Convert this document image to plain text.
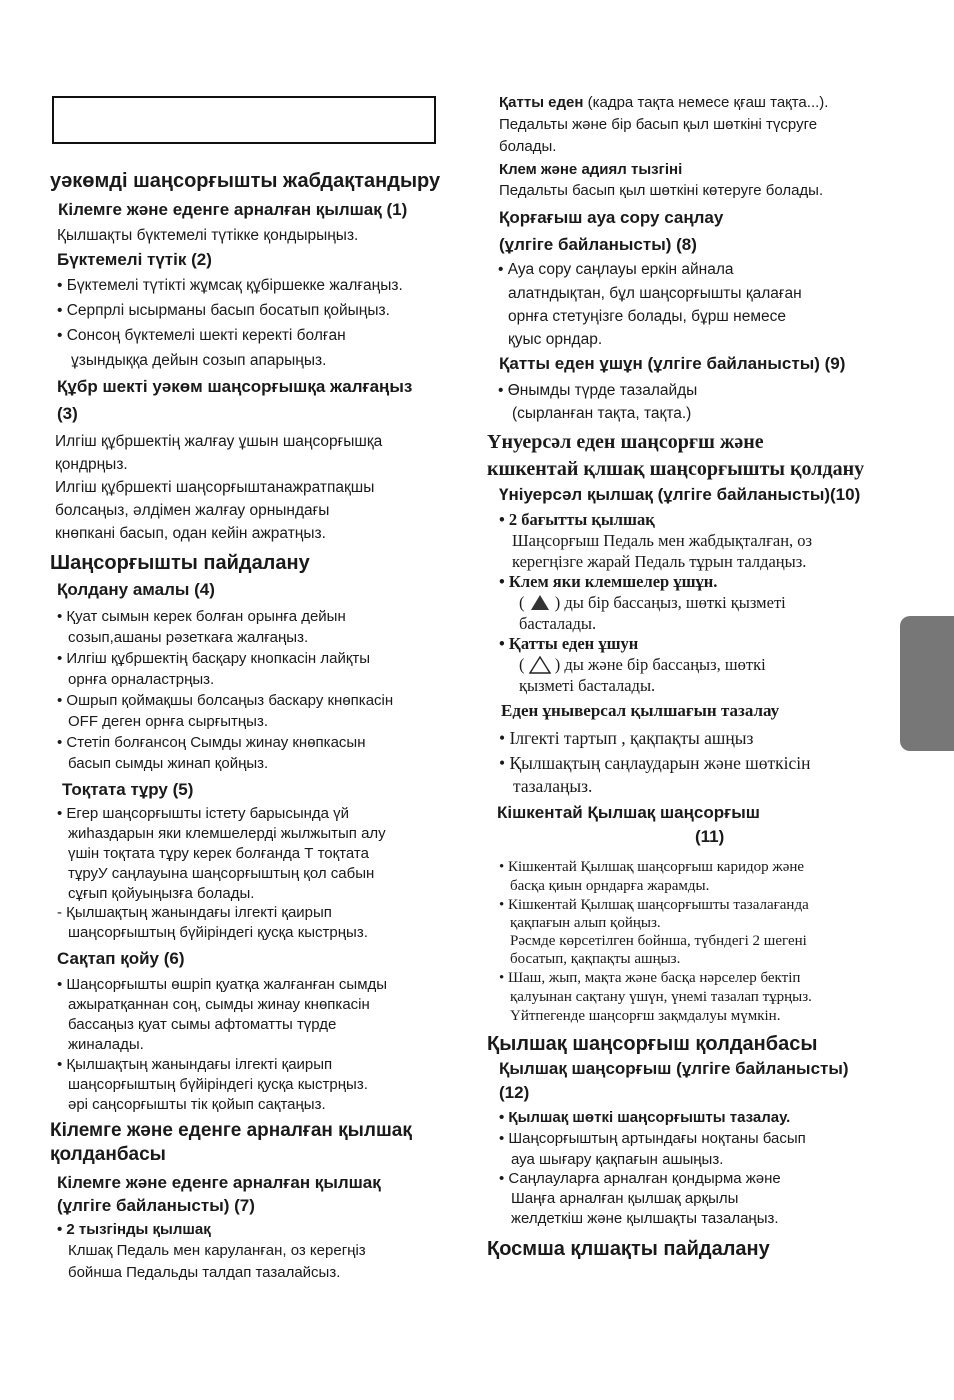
уәкөмді шаңсорғышты жабдақтандыру
Кілемге және еденге арналған қылшақ (1)
Қылшақты бүктемелі түтікке қондырыңыз.
Бүктемелі түтік (2)
• Бүктемелі түтікті жұмсақ құбіршекке жалғаңыз.
• Серпрлі ысырманы басып босатып қойыңыз.
• Сонсоң бүктемелі шекті керекті болған
ұзындыққа дейын созып апарыңыз.
Құбр шекті уәкөм шаңсорғышқа жалғаңыз
(3)
Илгіш құбршектің жалғау ұшын шаңсорғышқа
қондрңыз.
Илгіш құбршекті шаңсорғыштанажратпақшы
болсаңыз, әлдімен жалғау орнындағы
кнөпкані басып, одан кейін ажратңыз.
Шаңсорғышты пайдалану
Қолдану амалы (4)
• Қуат сымын керек болған орынға дейын
созып,ашаны рәзеткаға жалғаңыз.
• Илгіш құбршектің басқару кнопкасін лайқты
орнға орналастрңыз.
• Ошрып қоймақшы болсаңыз баскару кнөпкасін
OFF деген орнға сырғытңыз.
• Стетіп болғансоң Сымды жинау кнөпкасын
басып сымды жинап қойңыз.
Тоқтата тұру (5)
• Егер шаңсорғышты істету барысында үй
жиһаздарын яки клемшелерді жылжытып алу
үшін тоқтата тұру керек болғанда Т тоқтата
тұруУ саңлауына шаңсорғыштың қол сабын
сұғып қойуыңызға болады.
- Қылшақтың жанындағы ілгекті қаирып
шаңсорғыштың бүйіріндегі қусқа кыстрңыз.
Сақтап қойу (6)
• Шаңсорғышты өшріп қуатқа жалғанған сымды
ажыратқаннан соң, сымды жинау кнөпкасін
бассаңыз қуат сымы афтоматты түрде
жиналады.
• Қылшақтың жанындағы ілгекті қаирып
шаңсорғыштың бүйіріндегі қусқа кыстрңыз.
әрі саңсорғышты тік қойып сақтаңыз.
Кілемге және еденге арналған қылшақ
қолданбасы
Кілемге және еденге арналған қылшақ
(ұлгіге байланысты) (7)
• 2 тызгінды қылшақ
Клшақ Педаль мен каруланған, оз керегңіз
бойнша Педальды талдап тазалайсыз.
Қатты еден (кадра тақта немесе қғаш тақта...).
Педальты және бір басып қыл шөткіні түсруге
болады.
Клем және адиял тызгіні
Педальты басып қыл шөткіні көтеруге болады.
Қорғағыш ауа сору саңлау
(ұлгіге байланысты) (8)
• Ауа сору саңлауы еркін айналa
алатндықтан, бұл шаңсорғышты қалаған
орнға стетуңізге болады, бұрш немесе
қуыс орндар.
Қатты еден ұшұн (ұлгіге байланысты) (9)
• Өнымды түрде тазалайды
(сырланған тақта, тақта.)
Үнуерсәл еден шаңсорғш және
кшкентай қлшақ шаңсорғышты қолдану
Үніуерсәл қылшақ (ұлгіге байланысты)(10)
• 2 бағытты қылшақ
Шаңсорғыш Педаль мен жабдықталған, оз
керегңізге жарай Педаль тұрын талдаңыз.
• Клем яки клемшелер ұшұн.
( ) ды бір бассаңыз, шөткі қызметі
басталады.
• Қатты еден ұшун
( ) ды және бір бассаңыз, шөткі
қызметі басталады.
Еден ұныверсал қылшағын тазалау
• Ілгекті тартып , қақпақты ашңыз
• Қылшақтың саңлаударын және шөткісін
тазалаңыз.
Кішкентай Қылшақ шаңсорғыш
(11)
• Кішкентай Қылшақ шаңсорғыш каридор және
басқа қиын орндарға жарамды.
• Кішкентай Қылшақ шаңсорғышты тазалағанда
қақпағын алып қойңыз.
Рәсмде көрсетілген бойнша, түбндегі 2 шегені
босатып, қақпақты ашңыз.
• Шаш, жып, мақта және басқа нәрселер бектіп
қалуынан сақтану үшүн, үнемі тазалап тұрңыз.
Үйтпегенде шаңсорғш зақмдалуы мүмкін.
Қылшақ шаңсорғыш қолданбасы
Қылшақ шаңсорғыш (ұлгіге байланысты)
(12)
• Қылшақ шөткі шаңсорғышты тазалау.
• Шаңсорғыштың артындағы ноқтаны басып
ауа шығару қақпағын ашыңыз.
• Саңлауларға арналған қондырма және
Шаңға арналған қылшақ арқылы
желдеткіш және қылшақты тазалаңыз.
Қосмша қлшақты пайдалану
